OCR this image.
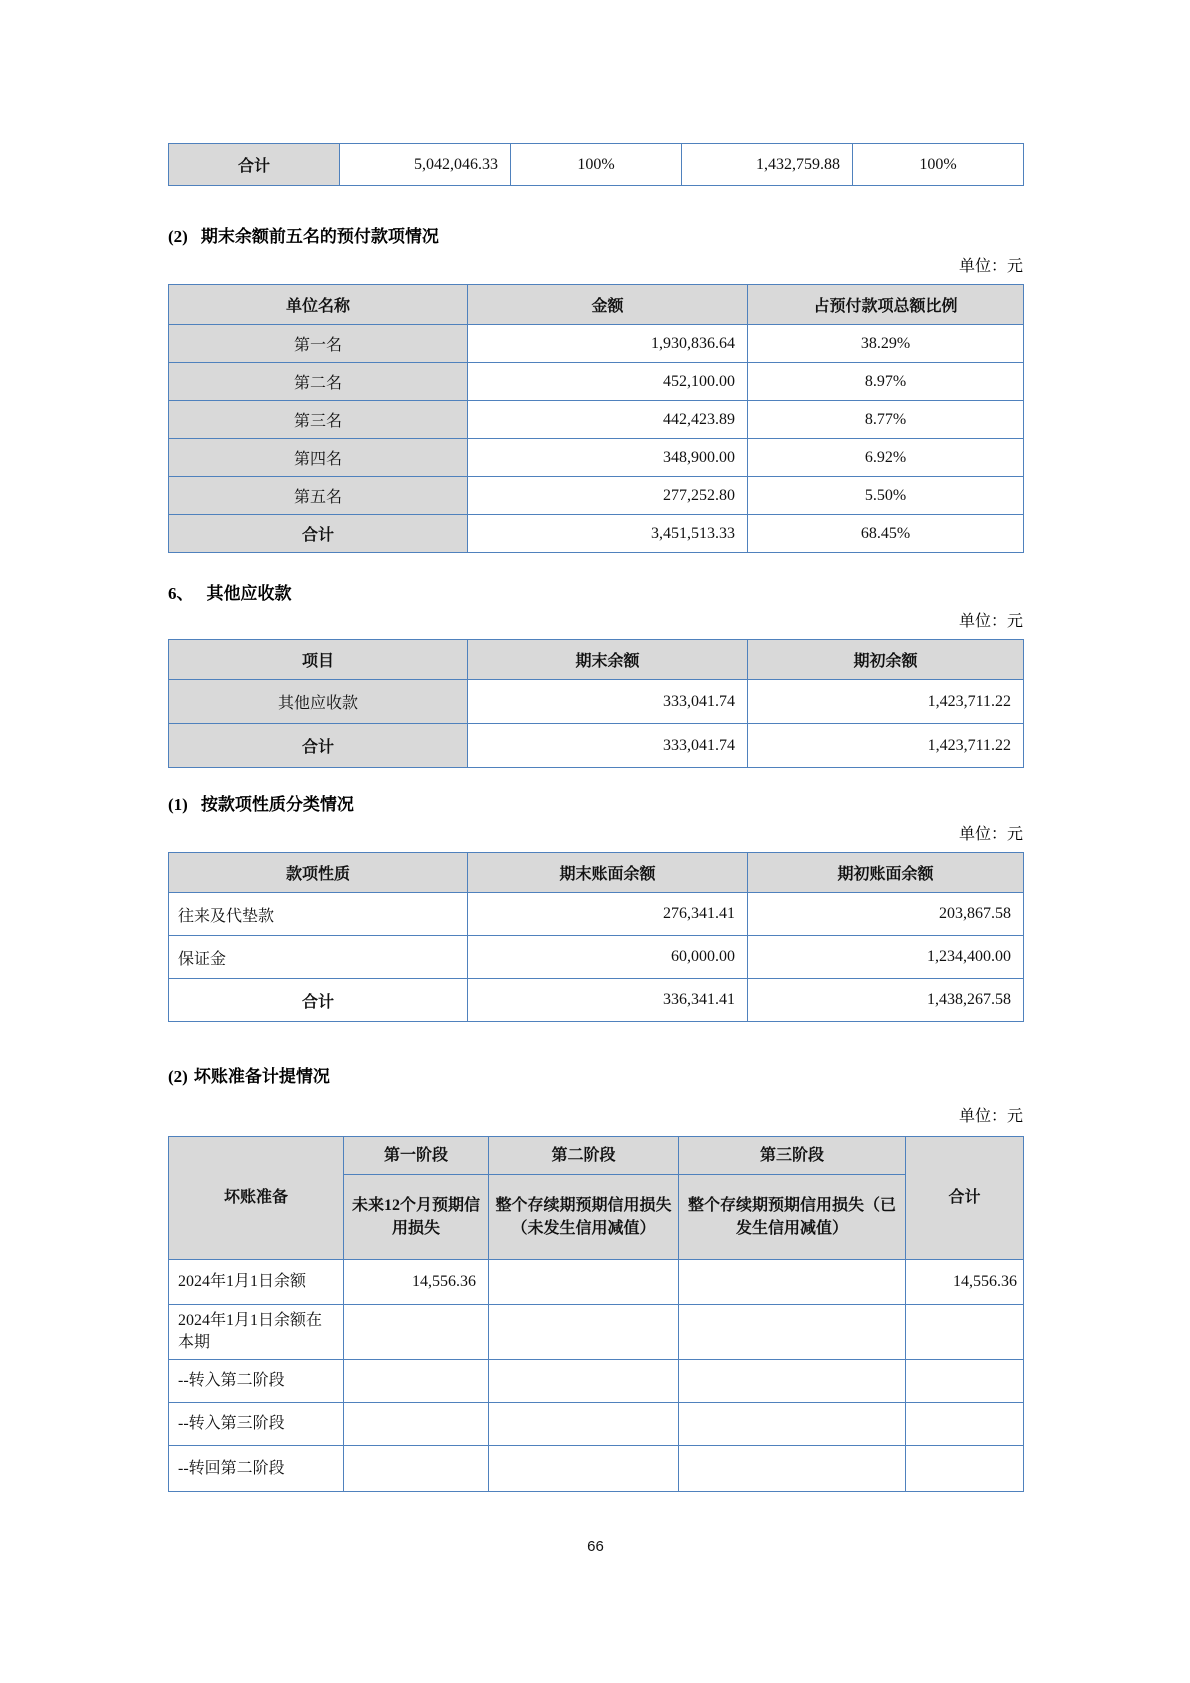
合计	5,042,046.33	100%	1,432,759.88	100%
(2) 期末余额前五名的预付款项情况
单位：元
单位名称	金额	占预付款项总额比例
第一名	1,930,836.64	38.29%
第二名	452,100.00	8.97%
第三名	442,423.89	8.77%
第四名	348,900.00	6.92%
第五名	277,252.80	5.50%
合计	3,451,513.33	68.45%
6、 其他应收款
单位：元
项目	期末余额	期初余额
其他应收款	333,041.74	1,423,711.22
合计	333,041.74	1,423,711.22
(1) 按款项性质分类情况
单位：元
款项性质	期末账面余额	期初账面余额
往来及代垫款	276,341.41	203,867.58
保证金	60,000.00	1,234,400.00
合计	336,341.41	1,438,267.58
(2) 坏账准备计提情况
单位：元
坏账准备	第一阶段	第二阶段	第三阶段	合计
	未来12个月预期信用损失	整个存续期预期信用损失（未发生信用减值）	整个存续期预期信用损失（已发生信用减值）	
2024年1月1日余额	14,556.36			14,556.36
2024年1月1日余额在本期				
--转入第二阶段				
--转入第三阶段				
--转回第二阶段				
66
